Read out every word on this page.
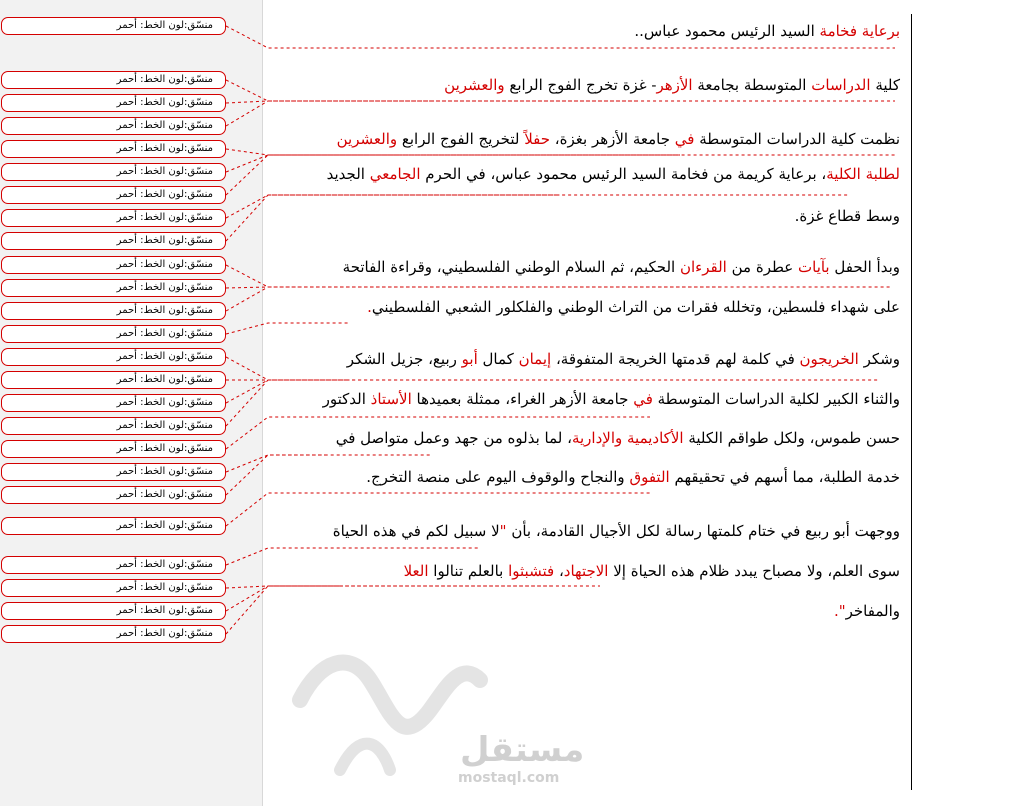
منسّق:لون الخط: أحمر
منسّق:لون الخط: أحمر
منسّق:لون الخط: أحمر
منسّق:لون الخط: أحمر
منسّق:لون الخط: أحمر
منسّق:لون الخط: أحمر
منسّق:لون الخط: أحمر
منسّق:لون الخط: أحمر
منسّق:لون الخط: أحمر
منسّق:لون الخط: أحمر
منسّق:لون الخط: أحمر
منسّق:لون الخط: أحمر
منسّق:لون الخط: أحمر
منسّق:لون الخط: أحمر
منسّق:لون الخط: أحمر
منسّق:لون الخط: أحمر
منسّق:لون الخط: أحمر
منسّق:لون الخط: أحمر
منسّق:لون الخط: أحمر
منسّق:لون الخط: أحمر
منسّق:لون الخط: أحمر
منسّق:لون الخط: أحمر
منسّق:لون الخط: أحمر
منسّق:لون الخط: أحمر
منسّق:لون الخط: أحمر
برعاية فخامة السيد الرئيس محمود عباس..
كلية الدراسات المتوسطة بجامعة الأزهر- غزة تخرج الفوج الرابع والعشرين
نظمت كلية الدراسات المتوسطة في جامعة الأزهر بغزة، حفلاً لتخريج الفوج الرابع والعشرين
لطلبة الكلية، برعاية كريمة من فخامة السيد الرئيس محمود عباس، في الحرم الجامعي الجديد
وسط قطاع غزة.
وبدأ الحفل بآيات عطرة من القرءان الحكيم، ثم السلام الوطني الفلسطيني، وقراءة الفاتحة
على شهداء فلسطين، وتخلله فقرات من التراث الوطني والفلكلور الشعبي الفلسطيني.
وشكر الخريجون في كلمة لهم قدمتها الخريجة المتفوقة، إيمان كمال أبو ربيع، جزيل الشكر
والثناء الكبير لكلية الدراسات المتوسطة في جامعة الأزهر الغراء، ممثلة بعميدها الأستاذ الدكتور
حسن طموس، ولكل طواقم الكلية الأكاديمية والإدارية، لما بذلوه من جهد وعمل متواصل في
خدمة الطلبة، مما أسهم في تحقيقهم التفوق والنجاح والوقوف اليوم على منصة التخرج.
ووجهت أبو ربيع في ختام كلمتها رسالة لكل الأجيال القادمة، بأن "لا سبيل لكم في هذه الحياة
سوى العلم، ولا مصباح يبدد ظلام هذه الحياة إلا الاجتهاد، فتشبثوا بالعلم تنالوا العلا
والمفاخر".
مستقل
mostaql.com
